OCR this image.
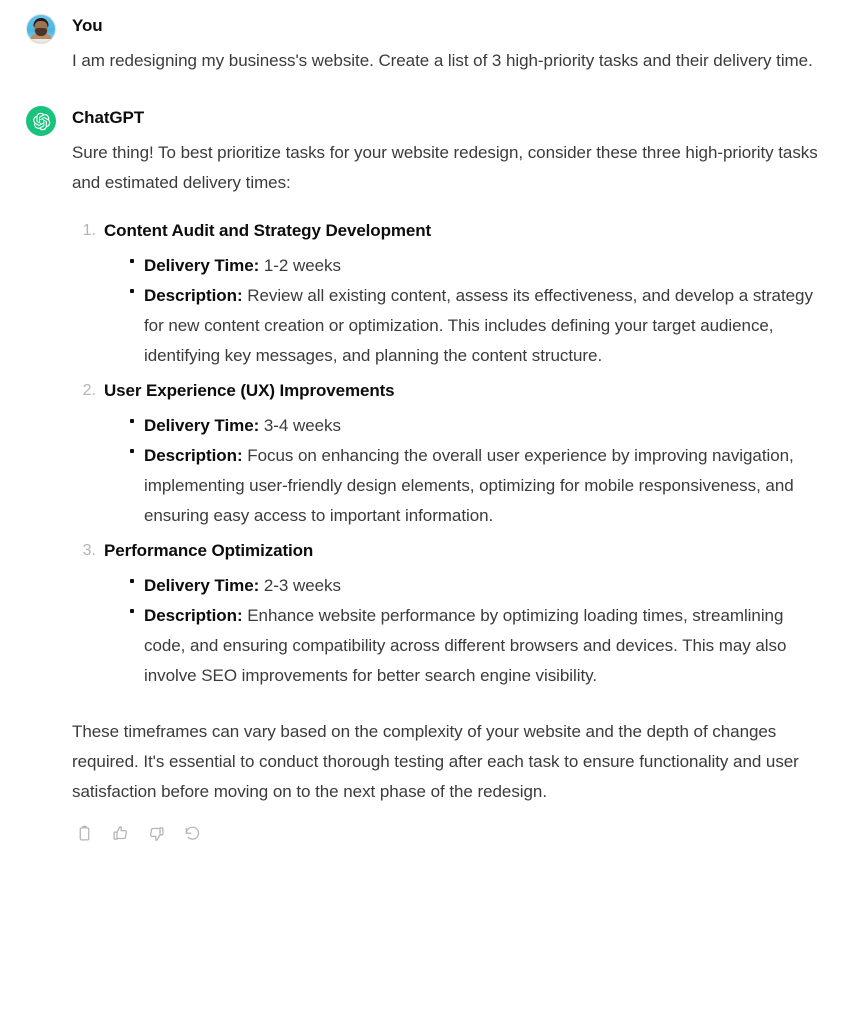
You

I am redesigning my business's website. Create a list of 3 high-priority tasks and their delivery time.

ChatGPT

Sure thing! To best prioritize tasks for your website redesign, consider these three high-priority tasks and estimated delivery times:

Content Audit and Strategy Development
Delivery Time: 1-2 weeks
Description: Review all existing content, assess its effectiveness, and develop a strategy for new content creation or optimization. This includes defining your target audience, identifying key messages, and planning the content structure.
User Experience (UX) Improvements
Delivery Time: 3-4 weeks
Description: Focus on enhancing the overall user experience by improving navigation, implementing user-friendly design elements, optimizing for mobile responsiveness, and ensuring easy access to important information.
Performance Optimization
Delivery Time: 2-3 weeks
Description: Enhance website performance by optimizing loading times, streamlining code, and ensuring compatibility across different browsers and devices. This may also involve SEO improvements for better search engine visibility.

These timeframes can vary based on the complexity of your website and the depth of changes required. It's essential to conduct thorough testing after each task to ensure functionality and user satisfaction before moving on to the next phase of the redesign.
